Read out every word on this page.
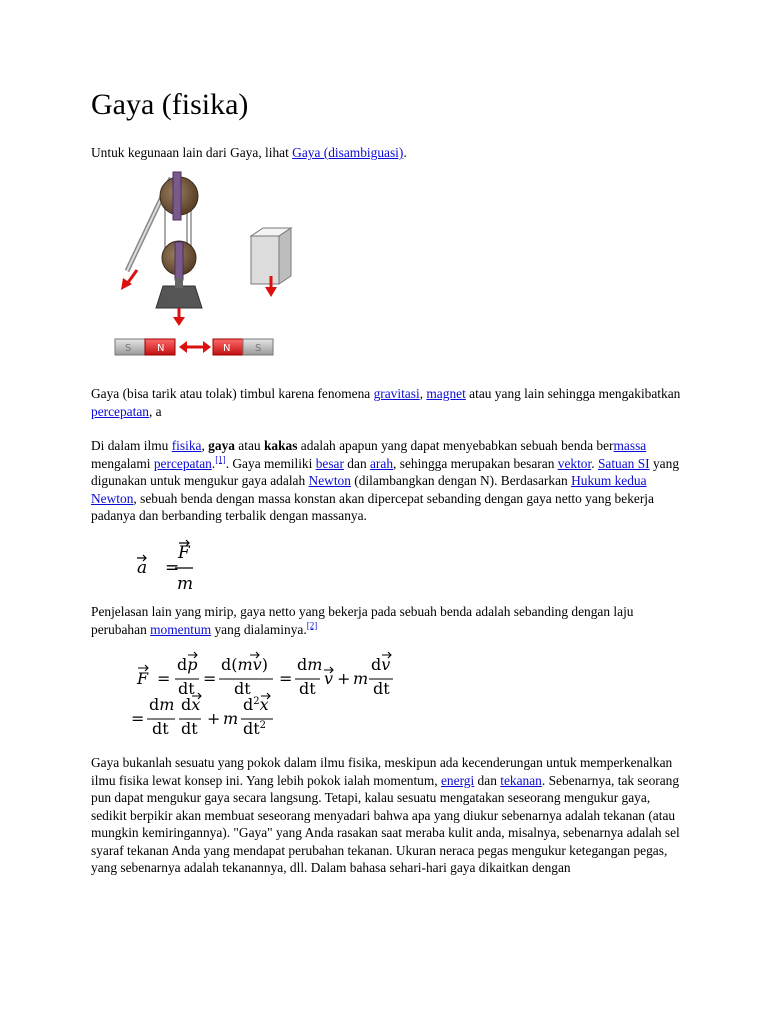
Gaya (fisika)

Untuk kegunaan lain dari Gaya, lihat Gaya (disambiguasi).

S	N	N S

Gaya (bisa tarik atau tolak) timbul karena fenomena gravitasi, magnet atau yang lain sehingga mengakibatkan percepatan, a

Di dalam ilmu fisika, gaya atau kakas adalah apapun yang dapat menyebabkan sebuah benda bermassa mengalami percepatan.[1]. Gaya memiliki besar dan arah, sehingga merupakan besaran vektor. Satuan SI yang digunakan untuk mengukur gaya adalah Newton (dilambangkan dengan N). Berdasarkan Hukum kedua Newton, sebuah benda dengan massa konstan akan dipercepat sebanding dengan gaya netto yang bekerja padanya dan berbanding terbalik dengan massanya.

a =
F
m

Penjelasan lain yang mirip, gaya netto yang bekerja pada sebuah benda adalah sebanding dengan laju perubahan momentum yang dialaminya.[2]

F =
dp
dt
=
d(mv)
dt
=
dm
dt
v + m
dv
dt
=
dm
dt
dx
dt
+ m
$d^2x$
$dt^2$

Gaya bukanlah sesuatu yang pokok dalam ilmu fisika, meskipun ada kecenderungan untuk memperkenalkan ilmu fisika lewat konsep ini. Yang lebih pokok ialah momentum, energi dan tekanan. Sebenarnya, tak seorang pun dapat mengukur gaya secara langsung. Tetapi, kalau sesuatu mengatakan seseorang mengukur gaya, sedikit berpikir akan membuat seseorang menyadari bahwa apa yang diukur sebenarnya adalah tekanan (atau mungkin kemiringannya). "Gaya" yang Anda rasakan saat meraba kulit anda, misalnya, sebenarnya adalah sel syaraf tekanan Anda yang mendapat perubahan tekanan. Ukuran neraca pegas mengukur ketegangan pegas, yang sebenarnya adalah tekanannya, dll. Dalam bahasa sehari-hari gaya dikaitkan dengan
